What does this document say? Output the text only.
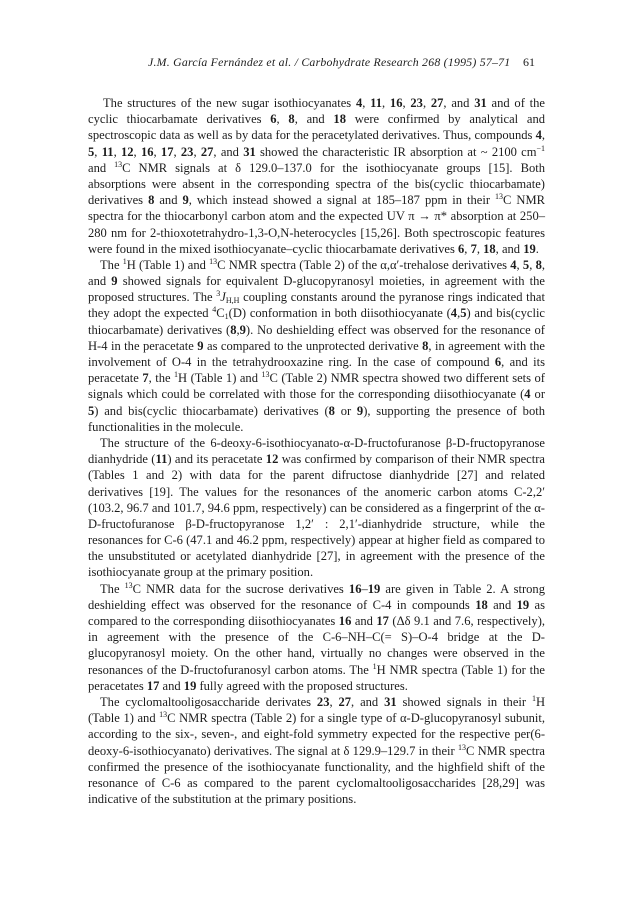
J.M. García Fernández et al. / Carbohydrate Research 268 (1995) 57–71 61

The structures of the new sugar isothiocyanates 4, 11, 16, 23, 27, and 31 and of the cyclic thiocarbamate derivatives 6, 8, and 18 were confirmed by analytical and spectroscopic data as well as by data for the peracetylated derivatives. Thus, compounds 4, 5, 11, 12, 16, 17, 23, 27, and 31 showed the characteristic IR absorption at ~ 2100 $cm^{-1}$ and $^{13}$C NMR signals at δ 129.0–137.0 for the isothiocyanate groups [15]. Both absorptions were absent in the corresponding spectra of the bis(cyclic thiocarbamate) derivatives 8 and 9, which instead showed a signal at 185–187 ppm in their $^{13}$C NMR spectra for the thiocarbonyl carbon atom and the expected UV π → π* absorption at 250–280 nm for 2-thioxotetrahydro-1,3-O,N-heterocycles [15,26]. Both spectroscopic features were found in the mixed isothiocyanate–cyclic thiocarbamate derivatives 6, 7, 18, and 19.

The $^1$H (Table 1) and $^{13}$C NMR spectra (Table 2) of the α,α′-trehalose derivatives 4, 5, 8, and 9 showed signals for equivalent D-glucopyranosyl moieties, in agreement with the proposed structures. The $^3J_{H,H}$ coupling constants around the pyranose rings indicated that they adopt the expected $^4C_1(D)$ conformation in both diisothiocyanate (4,5) and bis(cyclic thiocarbamate) derivatives (8,9). No deshielding effect was observed for the resonance of H-4 in the peracetate 9 as compared to the unprotected derivative 8, in agreement with the involvement of O-4 in the tetrahydrooxazine ring. In the case of compound 6, and its peracetate 7, the $^1$H (Table 1) and $^{13}$C (Table 2) NMR spectra showed two different sets of signals which could be correlated with those for the corresponding diisothiocyanate (4 or 5) and bis(cyclic thiocarbamate) derivatives (8 or 9), supporting the presence of both functionalities in the molecule.

The structure of the 6-deoxy-6-isothiocyanato-α-D-fructofuranose β-D-fructopyranose dianhydride (11) and its peracetate 12 was confirmed by comparison of their NMR spectra (Tables 1 and 2) with data for the parent difructose dianhydride [27] and related derivatives [19]. The values for the resonances of the anomeric carbon atoms C-2,2′ (103.2, 96.7 and 101.7, 94.6 ppm, respectively) can be considered as a fingerprint of the α-D-fructofuranose β-D-fructopyranose 1,2′ : 2,1′-dianhydride structure, while the resonances for C-6 (47.1 and 46.2 ppm, respectively) appear at higher field as compared to the unsubstituted or acetylated dianhydride [27], in agreement with the presence of the isothiocyanate group at the primary position.

The $^{13}$C NMR data for the sucrose derivatives 16–19 are given in Table 2. A strong deshielding effect was observed for the resonance of C-4 in compounds 18 and 19 as compared to the corresponding diisothiocyanates 16 and 17 (Δδ 9.1 and 7.6, respectively), in agreement with the presence of the C-6–NH–C(= S)–O-4 bridge at the D-glucopyranosyl moiety. On the other hand, virtually no changes were observed in the resonances of the D-fructofuranosyl carbon atoms. The $^1$H NMR spectra (Table 1) for the peracetates 17 and 19 fully agreed with the proposed structures.

The cyclomaltooligosaccharide derivates 23, 27, and 31 showed signals in their $^1$H (Table 1) and $^{13}$C NMR spectra (Table 2) for a single type of α-D-glucopyranosyl subunit, according to the six-, seven-, and eight-fold symmetry expected for the respective per(6-deoxy-6-isothiocyanato) derivatives. The signal at δ 129.9–129.7 in their $^{13}$C NMR spectra confirmed the presence of the isothiocyanate functionality, and the highfield shift of the resonance of C-6 as compared to the parent cyclomaltooligosaccharides [28,29] was indicative of the substitution at the primary positions.
